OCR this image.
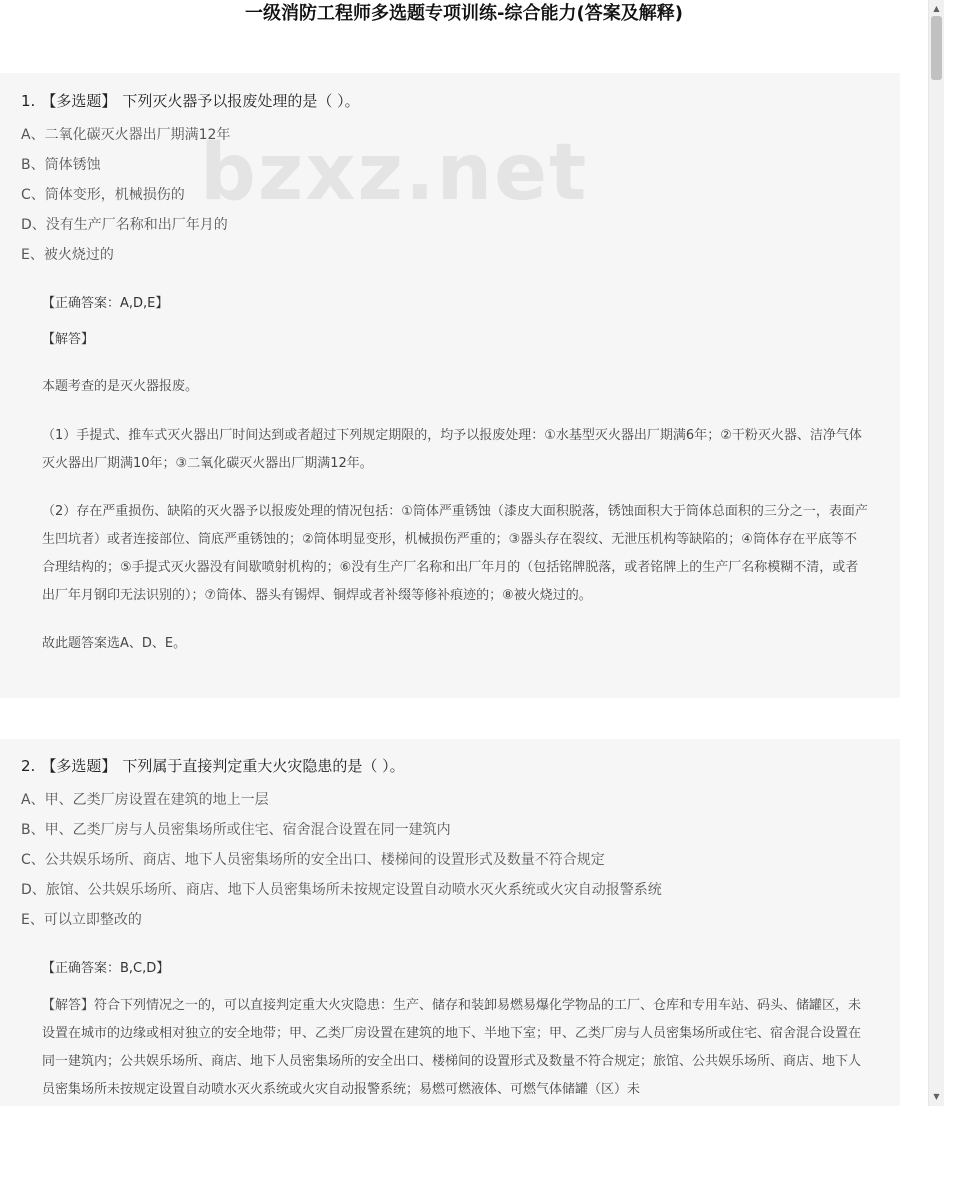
一级消防工程师多选题专项训练-综合能力(答案及解释)
1. 【多选题】 下列灭火器予以报废处理的是（ ）。
A、二氧化碳灭火器出厂期满12年
B、筒体锈蚀
C、筒体变形，机械损伤的
D、没有生产厂名称和出厂年月的
E、被火烧过的
【正确答案：A,D,E】
【解答】
本题考查的是灭火器报废。
（1）手提式、推车式灭火器出厂时间达到或者超过下列规定期限的，均予以报废处理：①水基型灭火器出厂期满6年；②干粉灭火器、洁净气体灭火器出厂期满10年；③二氧化碳灭火器出厂期满12年。
（2）存在严重损伤、缺陷的灭火器予以报废处理的情况包括：①筒体严重锈蚀（漆皮大面积脱落，锈蚀面积大于筒体总面积的三分之一，表面产生凹坑者）或者连接部位、筒底严重锈蚀的；②筒体明显变形，机械损伤严重的；③器头存在裂纹、无泄压机构等缺陷的；④筒体存在平底等不合理结构的；⑤手提式灭火器没有间歇喷射机构的；⑥没有生产厂名称和出厂年月的（包括铭牌脱落，或者铭牌上的生产厂名称模糊不清，或者出厂年月钢印无法识别的）；⑦筒体、器头有锡焊、铜焊或者补缀等修补痕迹的；⑧被火烧过的。
故此题答案选A、D、E。
2. 【多选题】 下列属于直接判定重大火灾隐患的是（ ）。
A、甲、乙类厂房设置在建筑的地上一层
B、甲、乙类厂房与人员密集场所或住宅、宿舍混合设置在同一建筑内
C、公共娱乐场所、商店、地下人员密集场所的安全出口、楼梯间的设置形式及数量不符合规定
D、旅馆、公共娱乐场所、商店、地下人员密集场所未按规定设置自动喷水灭火系统或火灾自动报警系统
E、可以立即整改的
【正确答案：B,C,D】
【解答】符合下列情况之一的，可以直接判定重大火灾隐患：生产、储存和装卸易燃易爆化学物品的工厂、仓库和专用车站、码头、储罐区，未设置在城市的边缘或相对独立的安全地带；甲、乙类厂房设置在建筑的地下、半地下室；甲、乙类厂房与人员密集场所或住宅、宿舍混合设置在同一建筑内；公共娱乐场所、商店、地下人员密集场所的安全出口、楼梯间的设置形式及数量不符合规定；旅馆、公共娱乐场所、商店、地下人员密集场所未按规定设置自动喷水灭火系统或火灾自动报警系统；易燃可燃液体、可燃气体储罐（区）未
bzxz.net
▲
▼
